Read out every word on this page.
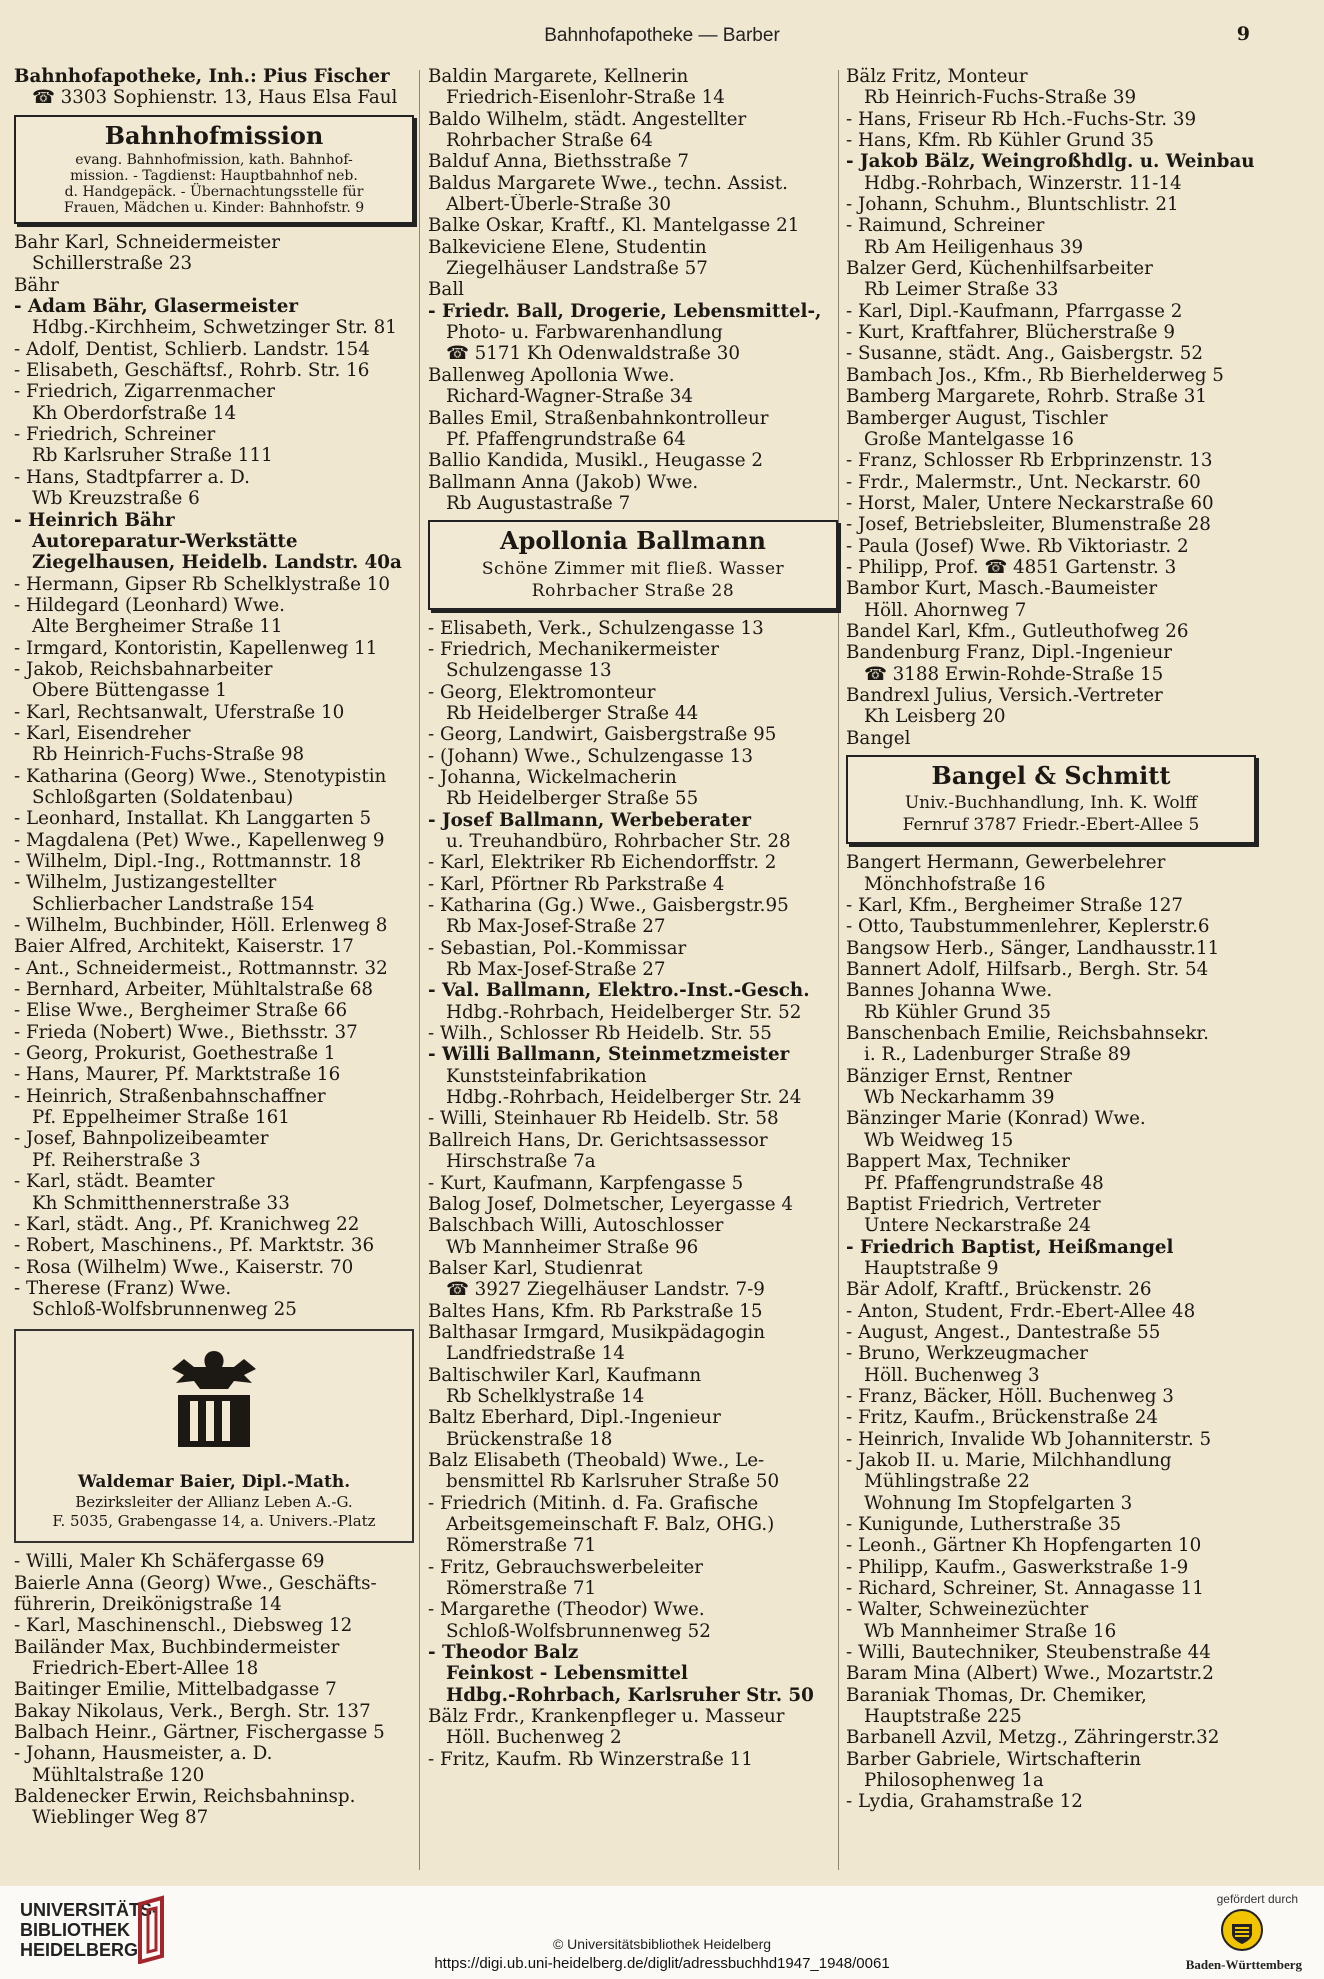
Bahnhofapotheke — Barber	9
Bahnhofapotheke, Inh.: Pius Fischer
☎ 3303 Sophienstr. 13, Haus Elsa Faul
Bahnhofmission
evang. Bahnhofmission, kath. Bahnhof-
mission. - Tagdienst: Hauptbahnhof neb.
d. Handgepäck. - Übernachtungsstelle für
Frauen, Mädchen u. Kinder: Bahnhofstr. 9
Bahr Karl, Schneidermeister
Schillerstraße 23
Bähr
- Adam Bähr, Glasermeister
Hdbg.-Kirchheim, Schwetzinger Str. 81
- Adolf, Dentist, Schlierb. Landstr. 154
- Elisabeth, Geschäftsf., Rohrb. Str. 16
- Friedrich, Zigarrenmacher
Kh Oberdorfstraße 14
- Friedrich, Schreiner
Rb Karlsruher Straße 111
- Hans, Stadtpfarrer a. D.
Wb Kreuzstraße 6
- Heinrich Bähr
Autoreparatur-Werkstätte
Ziegelhausen, Heidelb. Landstr. 40a
- Hermann, Gipser Rb Schelklystraße 10
- Hildegard (Leonhard) Wwe.
Alte Bergheimer Straße 11
- Irmgard, Kontoristin, Kapellenweg 11
- Jakob, Reichsbahnarbeiter
Obere Büttengasse 1
- Karl, Rechtsanwalt, Uferstraße 10
- Karl, Eisendreher
Rb Heinrich-Fuchs-Straße 98
- Katharina (Georg) Wwe., Stenotypistin
Schloßgarten (Soldatenbau)
- Leonhard, Installat. Kh Langgarten 5
- Magdalena (Pet) Wwe., Kapellenweg 9
- Wilhelm, Dipl.-Ing., Rottmannstr. 18
- Wilhelm, Justizangestellter
Schlierbacher Landstraße 154
- Wilhelm, Buchbinder, Höll. Erlenweg 8
Baier Alfred, Architekt, Kaiserstr. 17
- Ant., Schneidermeist., Rottmannstr. 32
- Bernhard, Arbeiter, Mühltalstraße 68
- Elise Wwe., Bergheimer Straße 66
- Frieda (Nobert) Wwe., Biethsstr. 37
- Georg, Prokurist, Goethestraße 1
- Hans, Maurer, Pf. Marktstraße 16
- Heinrich, Straßenbahnschaffner
Pf. Eppelheimer Straße 161
- Josef, Bahnpolizeibeamter
Pf. Reiherstraße 3
- Karl, städt. Beamter
Kh Schmitthennerstraße 33
- Karl, städt. Ang., Pf. Kranichweg 22
- Robert, Maschinens., Pf. Marktstr. 36
- Rosa (Wilhelm) Wwe., Kaiserstr. 70
- Therese (Franz) Wwe.
Schloß-Wolfsbrunnenweg 25
Waldemar Baier, Dipl.-Math.
Bezirksleiter der Allianz Leben A.-G.
F. 5035, Grabengasse 14, a. Univers.-Platz
- Willi, Maler Kh Schäfergasse 69
Baierle Anna (Georg) Wwe., Geschäfts-
führerin, Dreikönigstraße 14
- Karl, Maschinenschl., Diebsweg 12
Bailänder Max, Buchbindermeister
Friedrich-Ebert-Allee 18
Baitinger Emilie, Mittelbadgasse 7
Bakay Nikolaus, Verk., Bergh. Str. 137
Balbach Heinr., Gärtner, Fischergasse 5
- Johann, Hausmeister, a. D.
Mühltalstraße 120
Baldenecker Erwin, Reichsbahninsp.
Wieblinger Weg 87
Baldin Margarete, Kellnerin
Friedrich-Eisenlohr-Straße 14
Baldo Wilhelm, städt. Angestellter
Rohrbacher Straße 64
Balduf Anna, Biethsstraße 7
Baldus Margarete Wwe., techn. Assist.
Albert-Überle-Straße 30
Balke Oskar, Kraftf., Kl. Mantelgasse 21
Balkeviciene Elene, Studentin
Ziegelhäuser Landstraße 57
Ball
- Friedr. Ball, Drogerie, Lebensmittel-,
Photo- u. Farbwarenhandlung
☎ 5171 Kh Odenwaldstraße 30
Ballenweg Apollonia Wwe.
Richard-Wagner-Straße 34
Balles Emil, Straßenbahnkontrolleur
Pf. Pfaffengrundstraße 64
Ballio Kandida, Musikl., Heugasse 2
Ballmann Anna (Jakob) Wwe.
Rb Augustastraße 7
Apollonia Ballmann
Schöne Zimmer mit fließ. Wasser
Rohrbacher Straße 28
- Elisabeth, Verk., Schulzengasse 13
- Friedrich, Mechanikermeister
Schulzengasse 13
- Georg, Elektromonteur
Rb Heidelberger Straße 44
- Georg, Landwirt, Gaisbergstraße 95
- (Johann) Wwe., Schulzengasse 13
- Johanna, Wickelmacherin
Rb Heidelberger Straße 55
- Josef Ballmann, Werbeberater
u. Treuhandbüro, Rohrbacher Str. 28
- Karl, Elektriker Rb Eichendorffstr. 2
- Karl, Pförtner Rb Parkstraße 4
- Katharina (Gg.) Wwe., Gaisbergstr.95
Rb Max-Josef-Straße 27
- Sebastian, Pol.-Kommissar
Rb Max-Josef-Straße 27
- Val. Ballmann, Elektro.-Inst.-Gesch.
Hdbg.-Rohrbach, Heidelberger Str. 52
- Wilh., Schlosser Rb Heidelb. Str. 55
- Willi Ballmann, Steinmetzmeister
Kunststeinfabrikation
Hdbg.-Rohrbach, Heidelberger Str. 24
- Willi, Steinhauer Rb Heidelb. Str. 58
Ballreich Hans, Dr. Gerichtsassessor
Hirschstraße 7a
- Kurt, Kaufmann, Karpfengasse 5
Balog Josef, Dolmetscher, Leyergasse 4
Balschbach Willi, Autoschlosser
Wb Mannheimer Straße 96
Balser Karl, Studienrat
☎ 3927 Ziegelhäuser Landstr. 7-9
Baltes Hans, Kfm. Rb Parkstraße 15
Balthasar Irmgard, Musikpädagogin
Landfriedstraße 14
Baltischwiler Karl, Kaufmann
Rb Schelklystraße 14
Baltz Eberhard, Dipl.-Ingenieur
Brückenstraße 18
Balz Elisabeth (Theobald) Wwe., Le-
bensmittel Rb Karlsruher Straße 50
- Friedrich (Mitinh. d. Fa. Grafische
Arbeitsgemeinschaft F. Balz, OHG.)
Römerstraße 71
- Fritz, Gebrauchswerbeleiter
Römerstraße 71
- Margarethe (Theodor) Wwe.
Schloß-Wolfsbrunnenweg 52
- Theodor Balz
Feinkost - Lebensmittel
Hdbg.-Rohrbach, Karlsruher Str. 50
Bälz Frdr., Krankenpfleger u. Masseur
Höll. Buchenweg 2
- Fritz, Kaufm. Rb Winzerstraße 11
Bälz Fritz, Monteur
Rb Heinrich-Fuchs-Straße 39
- Hans, Friseur Rb Hch.-Fuchs-Str. 39
- Hans, Kfm. Rb Kühler Grund 35
- Jakob Bälz, Weingroßhdlg. u. Weinbau
Hdbg.-Rohrbach, Winzerstr. 11-14
- Johann, Schuhm., Bluntschlistr. 21
- Raimund, Schreiner
Rb Am Heiligenhaus 39
Balzer Gerd, Küchenhilfsarbeiter
Rb Leimer Straße 33
- Karl, Dipl.-Kaufmann, Pfarrgasse 2
- Kurt, Kraftfahrer, Blücherstraße 9
- Susanne, städt. Ang., Gaisbergstr. 52
Bambach Jos., Kfm., Rb Bierhelderweg 5
Bamberg Margarete, Rohrb. Straße 31
Bamberger August, Tischler
Große Mantelgasse 16
- Franz, Schlosser Rb Erbprinzenstr. 13
- Frdr., Malermstr., Unt. Neckarstr. 60
- Horst, Maler, Untere Neckarstraße 60
- Josef, Betriebsleiter, Blumenstraße 28
- Paula (Josef) Wwe. Rb Viktoriastr. 2
- Philipp, Prof. ☎ 4851 Gartenstr. 3
Bambor Kurt, Masch.-Baumeister
Höll. Ahornweg 7
Bandel Karl, Kfm., Gutleuthofweg 26
Bandenburg Franz, Dipl.-Ingenieur
☎ 3188 Erwin-Rohde-Straße 15
Bandrexl Julius, Versich.-Vertreter
Kh Leisberg 20
Bangel
Bangel & Schmitt
Univ.-Buchhandlung, Inh. K. Wolff
Fernruf 3787 Friedr.-Ebert-Allee 5
Bangert Hermann, Gewerbelehrer
Mönchhofstraße 16
- Karl, Kfm., Bergheimer Straße 127
- Otto, Taubstummenlehrer, Keplerstr.6
Bangsow Herb., Sänger, Landhausstr.11
Bannert Adolf, Hilfsarb., Bergh. Str. 54
Bannes Johanna Wwe.
Rb Kühler Grund 35
Banschenbach Emilie, Reichsbahnsekr.
i. R., Ladenburger Straße 89
Bänziger Ernst, Rentner
Wb Neckarhamm 39
Bänzinger Marie (Konrad) Wwe.
Wb Weidweg 15
Bappert Max, Techniker
Pf. Pfaffengrundstraße 48
Baptist Friedrich, Vertreter
Untere Neckarstraße 24
- Friedrich Baptist, Heißmangel
Hauptstraße 9
Bär Adolf, Kraftf., Brückenstr. 26
- Anton, Student, Frdr.-Ebert-Allee 48
- August, Angest., Dantestraße 55
- Bruno, Werkzeugmacher
Höll. Buchenweg 3
- Franz, Bäcker, Höll. Buchenweg 3
- Fritz, Kaufm., Brückenstraße 24
- Heinrich, Invalide Wb Johanniterstr. 5
- Jakob II. u. Marie, Milchhandlung
Mühlingstraße 22
Wohnung Im Stopfelgarten 3
- Kunigunde, Lutherstraße 35
- Leonh., Gärtner Kh Hopfengarten 10
- Philipp, Kaufm., Gaswerkstraße 1-9
- Richard, Schreiner, St. Annagasse 11
- Walter, Schweinezüchter
Wb Mannheimer Straße 16
- Willi, Bautechniker, Steubenstraße 44
Baram Mina (Albert) Wwe., Mozartstr.2
Baraniak Thomas, Dr. Chemiker,
Hauptstraße 225
Barbanell Azvil, Metzg., Zähringerstr.32
Barber Gabriele, Wirtschafterin
Philosophenweg 1a
- Lydia, Grahamstraße 12
UNIVERSITÄTS-
BIBLIOTHEK
HEIDELBERG	© Universitätsbibliothek Heidelberg
https://digi.ub.uni-heidelberg.de/diglit/adressbuchhd1947_1948/0061
gefördert durch
Baden-Württemberg
